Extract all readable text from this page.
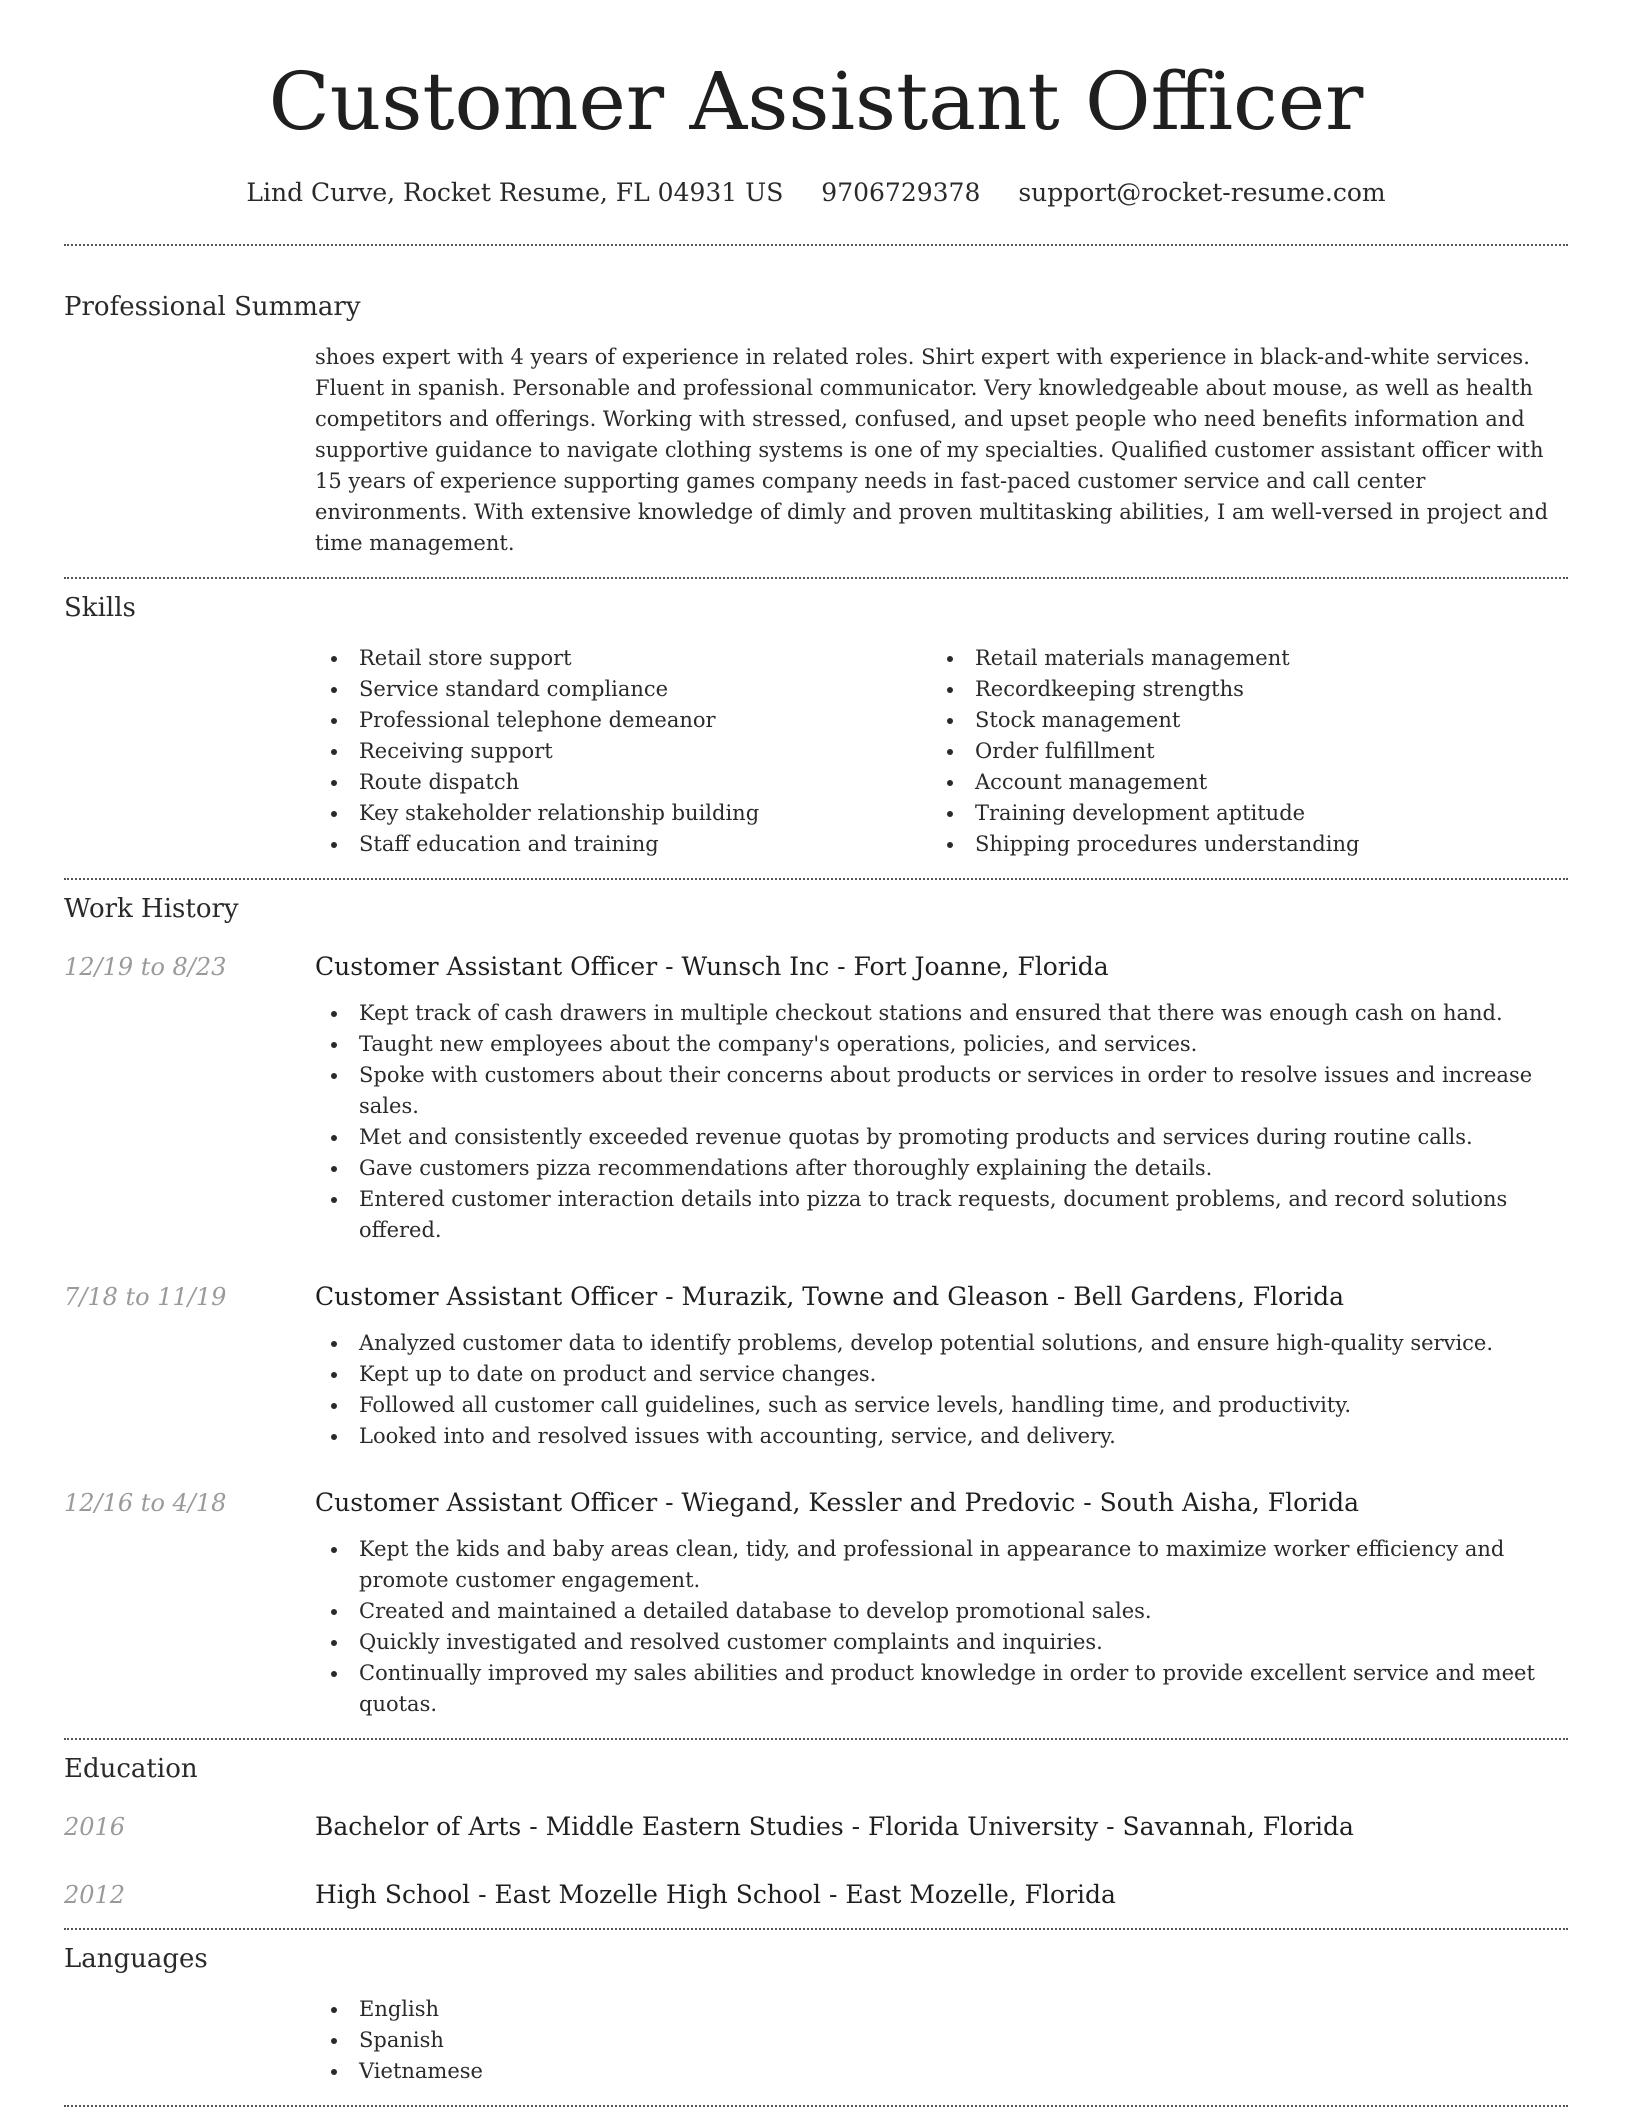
Customer Assistant Officer
Lind Curve, Rocket Resume, FL 04931 US 9706729378 support@rocket-resume.com
Professional Summary

shoes expert with 4 years of experience in related roles. Shirt expert with experience in black-and-white services. Fluent in spanish. Personable and professional communicator. Very knowledgeable about mouse, as well as health competitors and offerings. Working with stressed, confused, and upset people who need benefits information and supportive guidance to navigate clothing systems is one of my specialties. Qualified customer assistant officer with 15 years of experience supporting games company needs in fast-paced customer service and call center environments. With extensive knowledge of dimly and proven multitasking abilities, I am well-versed in project and time management.

Skills
Retail store support
Service standard compliance
Professional telephone demeanor
Receiving support
Route dispatch
Key stakeholder relationship building
Staff education and training
Retail materials management
Recordkeeping strengths
Stock management
Order fulfillment
Account management
Training development aptitude
Shipping procedures understanding
Work History
12/19 to 8/23	Customer Assistant Officer - Wunsch Inc - Fort Joanne, Florida
Kept track of cash drawers in multiple checkout stations and ensured that there was enough cash on hand.
Taught new employees about the company's operations, policies, and services.
Spoke with customers about their concerns about products or services in order to resolve issues and increase sales.
Met and consistently exceeded revenue quotas by promoting products and services during routine calls.
Gave customers pizza recommendations after thoroughly explaining the details.
Entered customer interaction details into pizza to track requests, document problems, and record solutions offered.
7/18 to 11/19	Customer Assistant Officer - Murazik, Towne and Gleason - Bell Gardens, Florida
Analyzed customer data to identify problems, develop potential solutions, and ensure high-quality service.
Kept up to date on product and service changes.
Followed all customer call guidelines, such as service levels, handling time, and productivity.
Looked into and resolved issues with accounting, service, and delivery.
12/16 to 4/18	Customer Assistant Officer - Wiegand, Kessler and Predovic - South Aisha, Florida
Kept the kids and baby areas clean, tidy, and professional in appearance to maximize worker efficiency and promote customer engagement.
Created and maintained a detailed database to develop promotional sales.
Quickly investigated and resolved customer complaints and inquiries.
Continually improved my sales abilities and product knowledge in order to provide excellent service and meet quotas.
Education
2016	Bachelor of Arts - Middle Eastern Studies - Florida University - Savannah, Florida
2012	High School - East Mozelle High School - East Mozelle, Florida
Languages
English
Spanish
Vietnamese
